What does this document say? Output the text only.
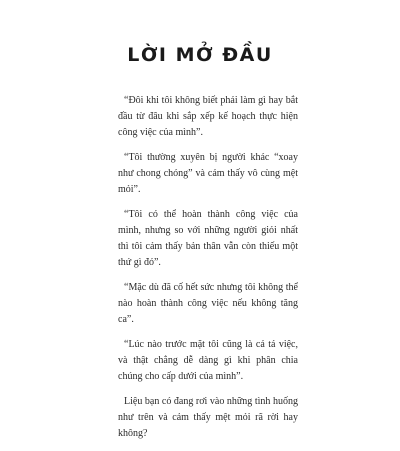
LỜI MỞ ĐẦU

“Đôi khi tôi không biết phải làm gì hay bắt đầu từ đâu khi sắp xếp kế hoạch thực hiện công việc của mình”.

“Tôi thường xuyên bị người khác “xoay như chong chóng” và cảm thấy vô cùng mệt mỏi”.

“Tôi có thể hoàn thành công việc của mình, nhưng so với những người giỏi nhất thì tôi cảm thấy bản thân vẫn còn thiếu một thứ gì đó”.

“Mặc dù đã cố hết sức nhưng tôi không thể nào hoàn thành công việc nếu không tăng ca”.

“Lúc nào trước mặt tôi cũng là cả tá việc, và thật chẳng dễ dàng gì khi phân chia chúng cho cấp dưới của mình”.

Liệu bạn có đang rơi vào những tình huống như trên và cảm thấy mệt mỏi rã rời hay không?
